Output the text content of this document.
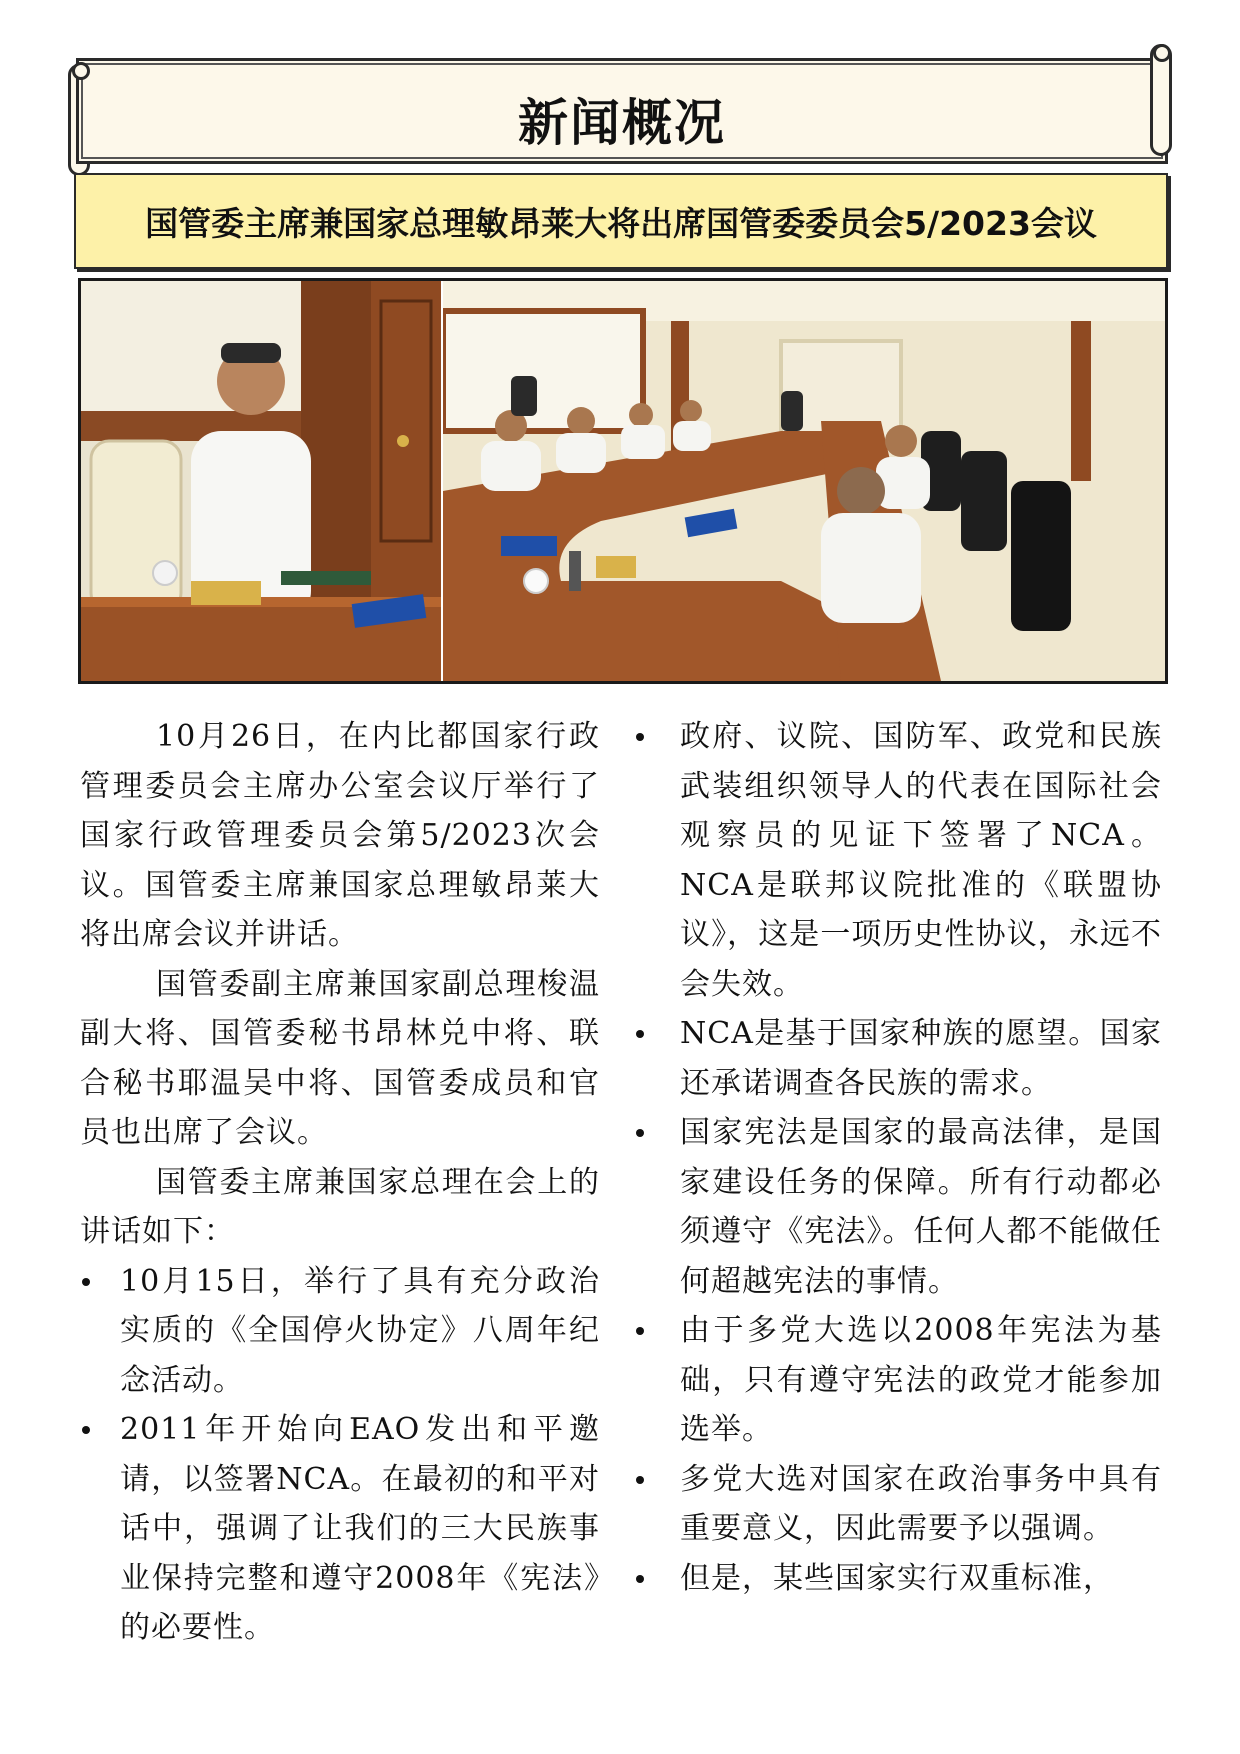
新闻概况
国管委主席兼国家总理敏昂莱大将出席国管委委员会5/2023会议

10月26日，在内比都国家行政管理委员会主席办公室会议厅举行了国家行政管理委员会第5/2023次会议。国管委主席兼国家总理敏昂莱大将出席会议并讲话。

国管委副主席兼国家副总理梭温副大将、国管委秘书昂林兑中将、联合秘书耶温吴中将、国管委成员和官员也出席了会议。

国管委主席兼国家总理在会上的讲话如下：

10月15日，举行了具有充分政治实质的《全国停火协定》八周年纪念活动。
2011年开始向EAO发出和平邀请，以签署NCA。在最初的和平对话中，强调了让我们的三大民族事业保持完整和遵守2008年《宪法》的必要性。
政府、议院、国防军、政党和民族武装组织领导人的代表在国际社会观察员的见证下签署了NCA。NCA是联邦议院批准的《联盟协议》，这是一项历史性协议，永远不会失效。
NCA是基于国家种族的愿望。国家还承诺调查各民族的需求。
国家宪法是国家的最高法律，是国家建设任务的保障。所有行动都必须遵守《宪法》。任何人都不能做任何超越宪法的事情。
由于多党大选以2008年宪法为基础，只有遵守宪法的政党才能参加选举。
多党大选对国家在政治事务中具有重要意义，因此需要予以强调。
但是，某些国家实行双重标准，
